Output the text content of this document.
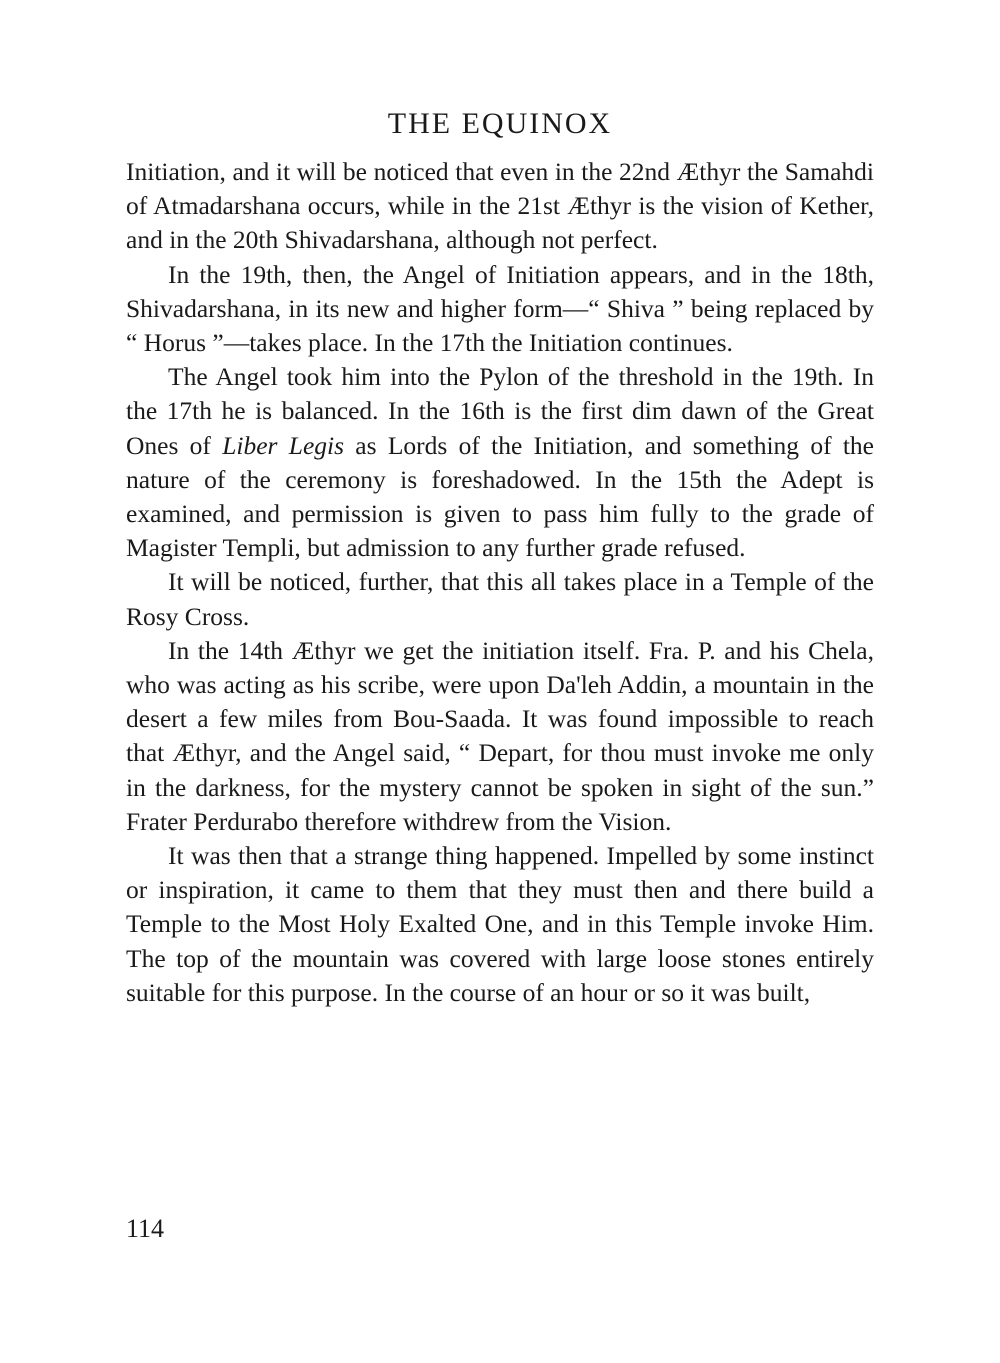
THE EQUINOX

Initiation, and it will be noticed that even in the 22nd Æthyr the Samahdi of Atmadarshana occurs, while in the 21st Æthyr is the vision of Kether, and in the 20th Shivadarshana, although not perfect.

In the 19th, then, the Angel of Initiation appears, and in the 18th, Shivadarshana, in its new and higher form—“ Shiva ” being replaced by “ Horus ”—takes place. In the 17th the Initiation continues.

The Angel took him into the Pylon of the threshold in the 19th. In the 17th he is balanced. In the 16th is the first dim dawn of the Great Ones of Liber Legis as Lords of the Initiation, and something of the nature of the ceremony is foreshadowed. In the 15th the Adept is examined, and permission is given to pass him fully to the grade of Magister Templi, but admission to any further grade refused.

It will be noticed, further, that this all takes place in a Temple of the Rosy Cross.

In the 14th Æthyr we get the initiation itself. Fra. P. and his Chela, who was acting as his scribe, were upon Da'leh Addin, a mountain in the desert a few miles from Bou-Saada. It was found impossible to reach that Æthyr, and the Angel said, “ Depart, for thou must invoke me only in the darkness, for the mystery cannot be spoken in sight of the sun.” Frater Perdurabo therefore withdrew from the Vision.

It was then that a strange thing happened. Impelled by some instinct or inspiration, it came to them that they must then and there build a Temple to the Most Holy Exalted One, and in this Temple invoke Him. The top of the mountain was covered with large loose stones entirely suitable for this purpose. In the course of an hour or so it was built,

114
